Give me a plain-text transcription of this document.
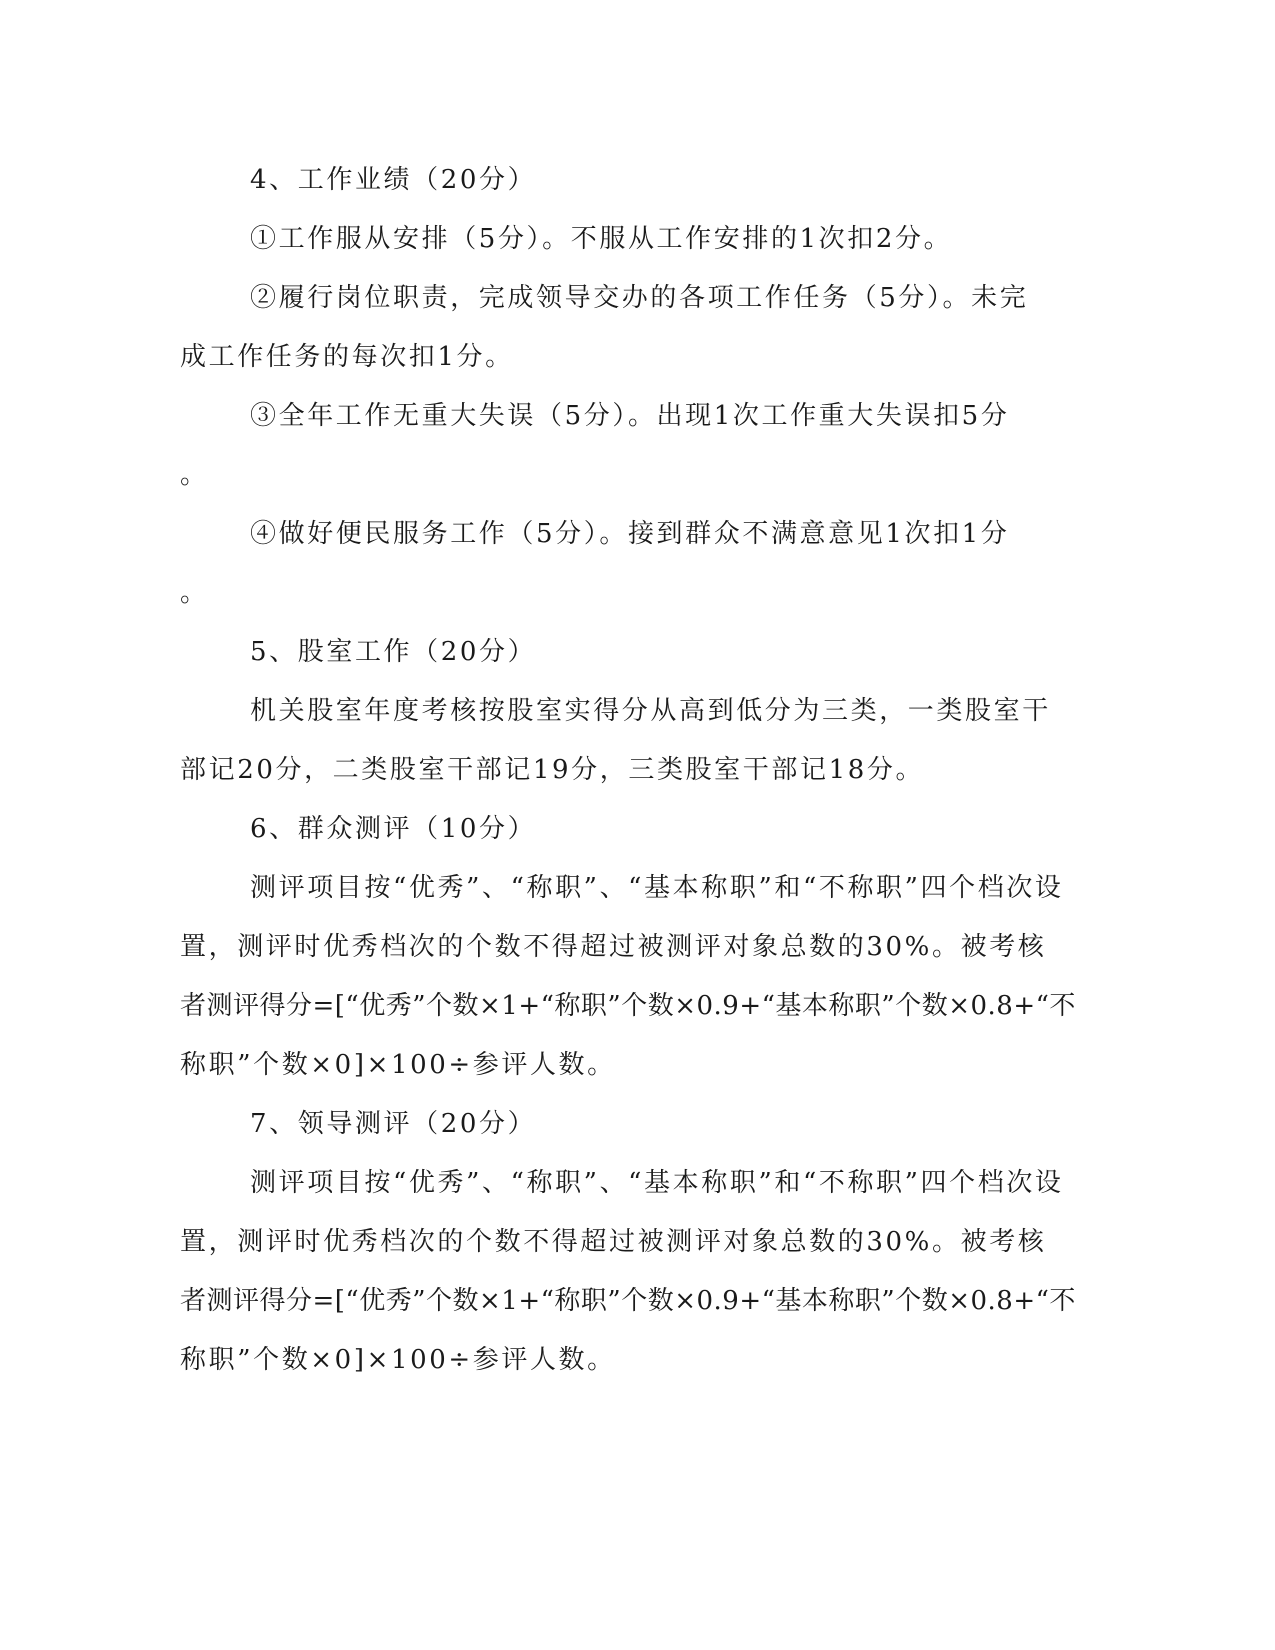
4、工作业绩（20分）
①工作服从安排（5分）。不服从工作安排的1次扣2分。
②履行岗位职责，完成领导交办的各项工作任务（5分）。未完
成工作任务的每次扣1分。
③全年工作无重大失误（5分）。出现1次工作重大失误扣5分
。
④做好便民服务工作（5分）。接到群众不满意意见1次扣1分
。
5、股室工作（20分）
机关股室年度考核按股室实得分从高到低分为三类，一类股室干
部记20分，二类股室干部记19分，三类股室干部记18分。
6、群众测评（10分）
测评项目按“优秀”、“称职”、“基本称职”和“不称职”四个档次设
置，测评时优秀档次的个数不得超过被测评对象总数的30%。被考核
者测评得分=[“优秀”个数×1+“称职”个数×0.9+“基本称职”个数×0.8+“不
称职”个数×0]×100÷参评人数。
7、领导测评（20分）
测评项目按“优秀”、“称职”、“基本称职”和“不称职”四个档次设
置，测评时优秀档次的个数不得超过被测评对象总数的30%。被考核
者测评得分=[“优秀”个数×1+“称职”个数×0.9+“基本称职”个数×0.8+“不
称职”个数×0]×100÷参评人数。
